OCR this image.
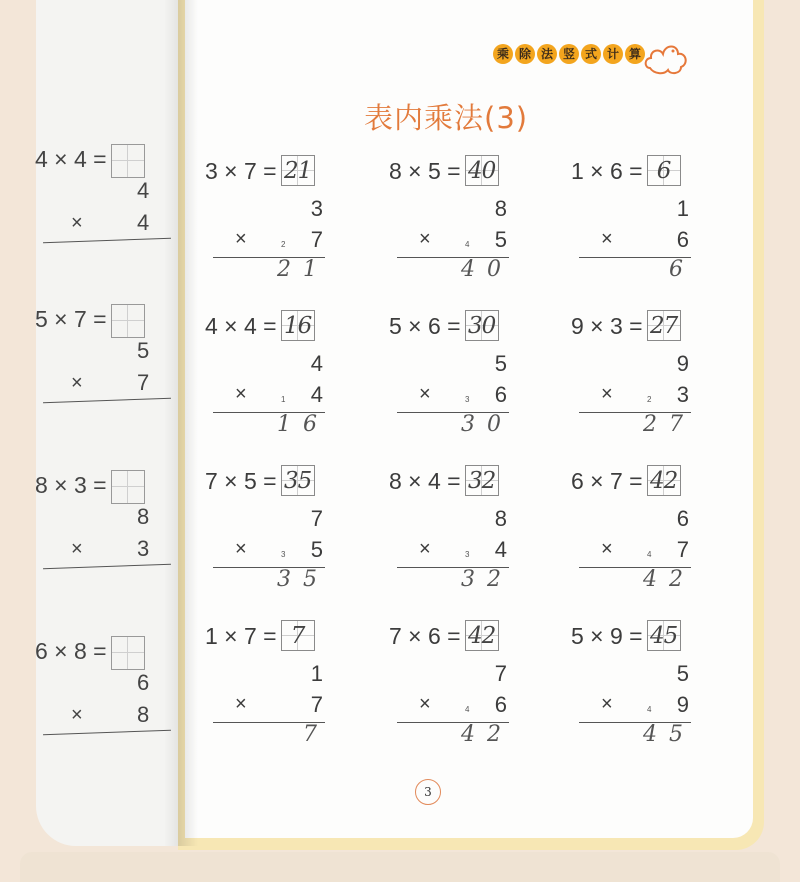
乘 除 法 竖 式 计 算
表内乘法(3)
4 × 4 =
4
× 4
5 × 7 =
5
× 7
8 × 3 =
8
× 3
6 × 8 =
6
× 8
3 × 7 = 21
3
×	2 7
21
8 × 5 = 40
8
×	4 5
40
1 × 6 = 6
1
×	6
6
4 × 4 = 16
4
×	1 4
16
5 × 6 = 30
5
×	3 6
30
9 × 3 = 27
9
×	2 3
27
7 × 5 = 35
7
×	3 5
35
8 × 4 = 32
8
×	3 4
32
6 × 7 = 42
6
×	4 7
42
1 × 7 = 7
1
×	7
7
7 × 6 = 42
7
×	4 6
42
5 × 9 = 45
5
×	4 9
45
3
